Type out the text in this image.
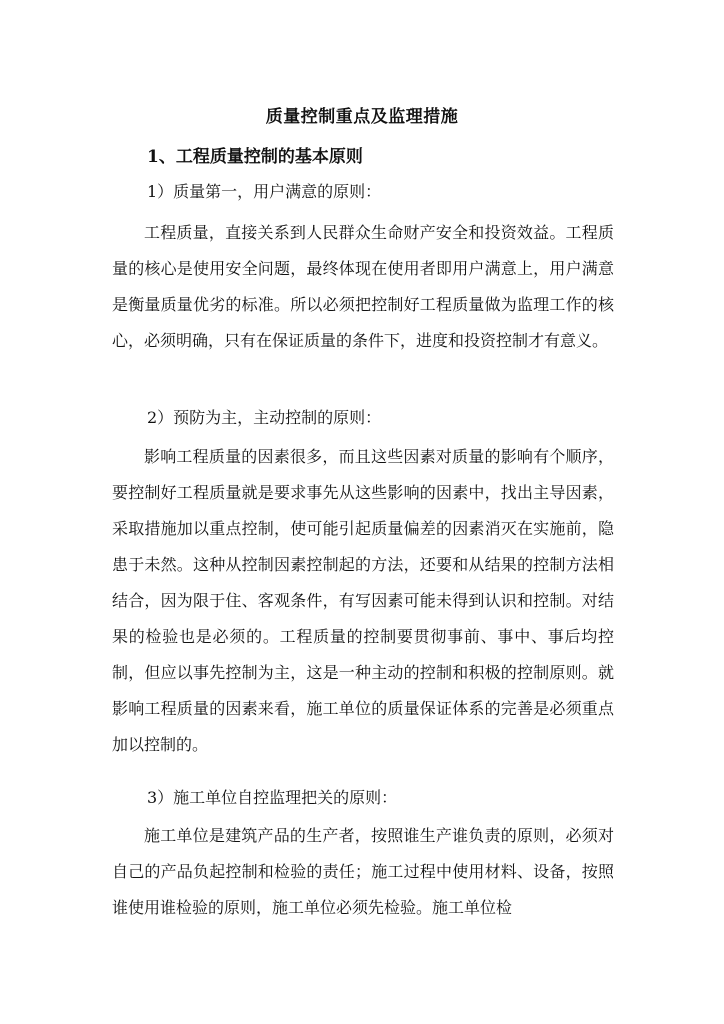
质量控制重点及监理措施
1、工程质量控制的基本原则
1）质量第一，用户满意的原则：

工程质量，直接关系到人民群众生命财产安全和投资效益。工程质量的核心是使用安全问题，最终体现在使用者即用户满意上，用户满意是衡量质量优劣的标准。所以必须把控制好工程质量做为监理工作的核心，必须明确，只有在保证质量的条件下，进度和投资控制才有意义。

2）预防为主，主动控制的原则：

影响工程质量的因素很多，而且这些因素对质量的影响有个顺序，要控制好工程质量就是要求事先从这些影响的因素中，找出主导因素，采取措施加以重点控制，使可能引起质量偏差的因素消灭在实施前，隐患于未然。这种从控制因素控制起的方法，还要和从结果的控制方法相结合，因为限于住、客观条件，有写因素可能未得到认识和控制。对结果的检验也是必须的。工程质量的控制要贯彻事前、事中、事后均控制，但应以事先控制为主，这是一种主动的控制和积极的控制原则。就影响工程质量的因素来看，施工单位的质量保证体系的完善是必须重点加以控制的。

3）施工单位自控监理把关的原则：

施工单位是建筑产品的生产者，按照谁生产谁负责的原则，必须对自己的产品负起控制和检验的责任；施工过程中使用材料、设备，按照谁使用谁检验的原则，施工单位必须先检验。施工单位检
